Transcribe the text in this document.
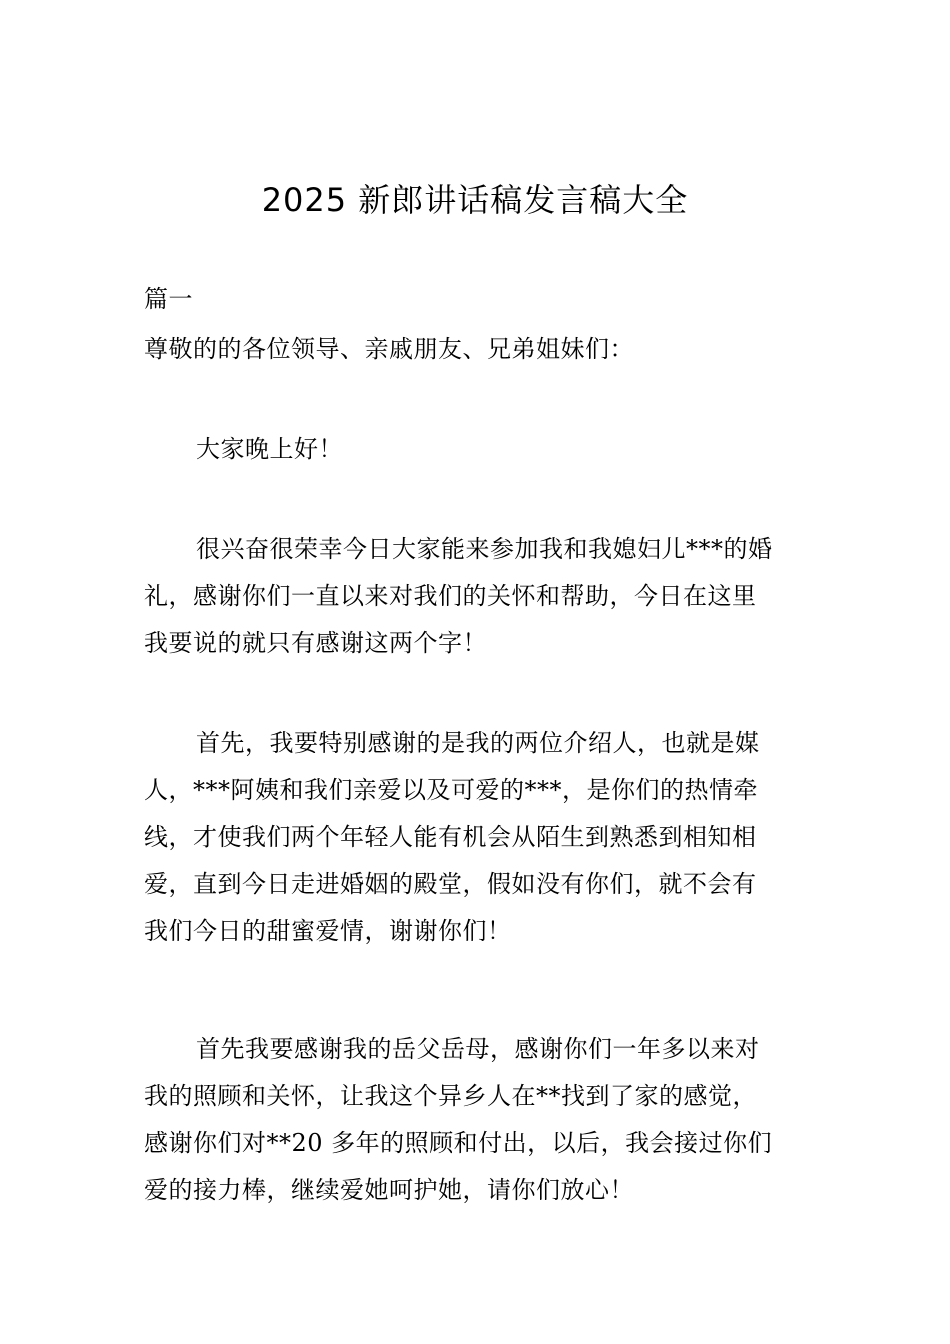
2025 新郎讲话稿发言稿大全
篇一
尊敬的的各位领导、亲戚朋友、兄弟姐妹们：
大家晚上好！
很兴奋很荣幸今日大家能来参加我和我媳妇儿***的婚
礼，感谢你们一直以来对我们的关怀和帮助，今日在这里
我要说的就只有感谢这两个字！
首先，我要特别感谢的是我的两位介绍人，也就是媒
人，***阿姨和我们亲爱以及可爱的***，是你们的热情牵
线，才使我们两个年轻人能有机会从陌生到熟悉到相知相
爱，直到今日走进婚姻的殿堂，假如没有你们，就不会有
我们今日的甜蜜爱情，谢谢你们！
首先我要感谢我的岳父岳母，感谢你们一年多以来对
我的照顾和关怀，让我这个异乡人在**找到了家的感觉，
感谢你们对**20 多年的照顾和付出，以后，我会接过你们
爱的接力棒，继续爱她呵护她，请你们放心！
